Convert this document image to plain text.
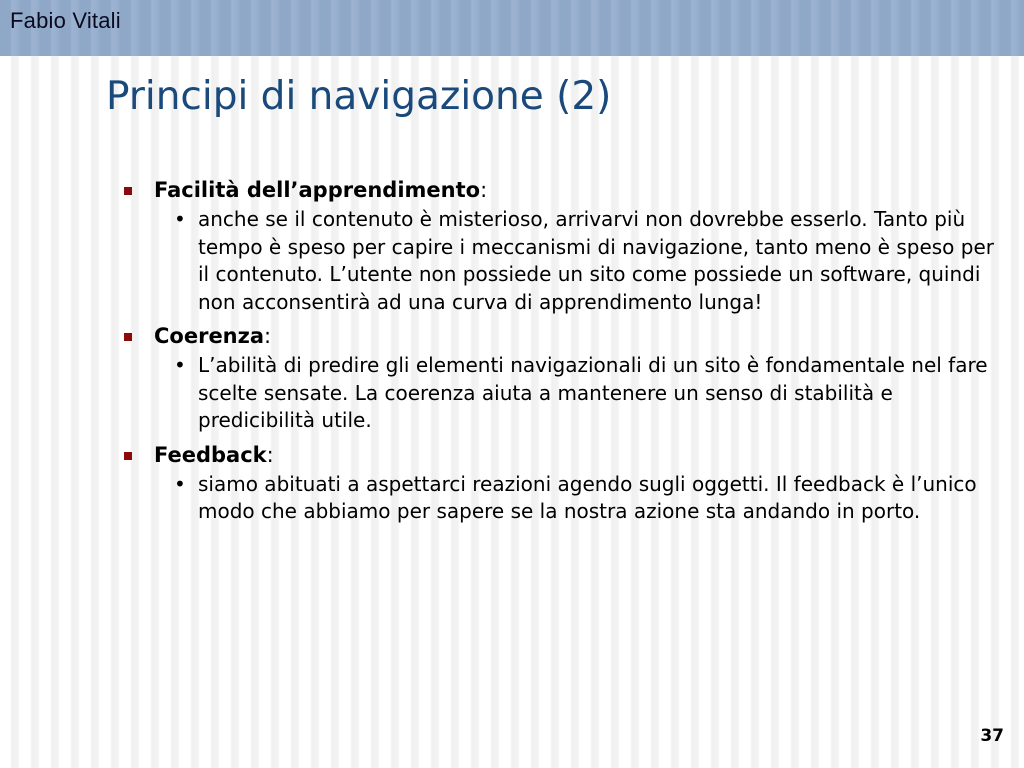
Fabio Vitali
Principi di navigazione (2)
Facilità dell’apprendimento:
• anche se il contenuto è misterioso, arrivarvi non dovrebbe esserlo. Tanto più tempo è speso per capire i meccanismi di navigazione, tanto meno è speso per il contenuto. L’utente non possiede un sito come possiede un software, quindi non acconsentirà ad una curva di apprendimento lunga!
Coerenza:
• L’abilità di predire gli elementi navigazionali di un sito è fondamentale nel fare scelte sensate. La coerenza aiuta a mantenere un senso di stabilità e predicibilità utile.
Feedback:
• siamo abituati a aspettarci reazioni agendo sugli oggetti. Il feedback è l’unico modo che abbiamo per sapere se la nostra azione sta andando in porto.
37
